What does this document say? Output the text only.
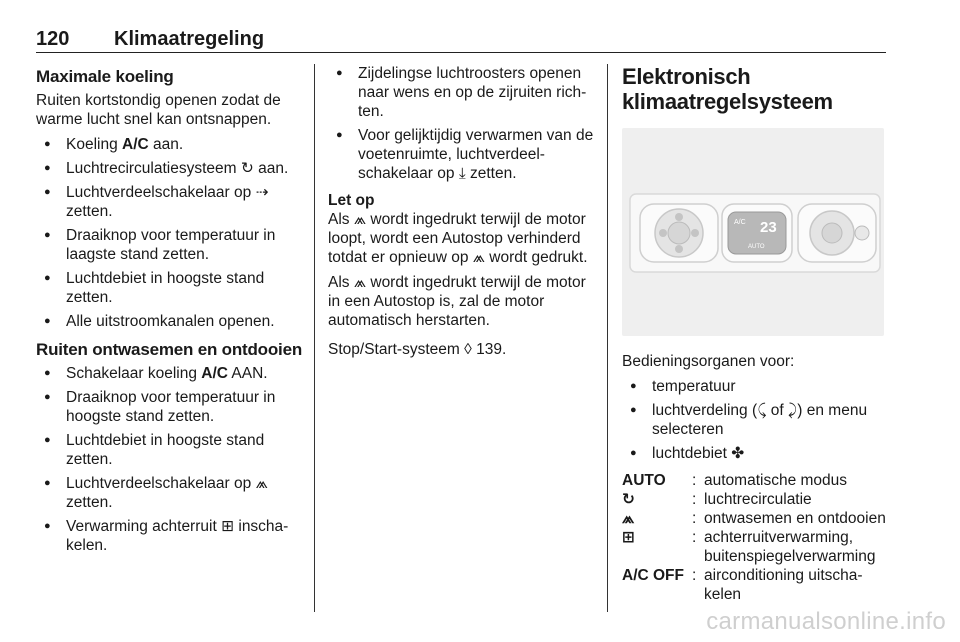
120 Klimaatregeling
Maximale koeling

Ruiten kortstondig openen zodat de warme lucht snel kan ontsnappen.

● Koeling A/C aan.
● Luchtrecirculatiesysteem ↻ aan.
● Luchtverdeelschakelaar op ⇢ zetten.
● Draaiknop voor temperatuur in laagste stand zetten.
● Luchtdebiet in hoogste stand zetten.
● Alle uitstroomkanalen openen.
Ruiten ontwasemen en ontdooien
● Schakelaar koeling A/C AAN.
● Draaiknop voor temperatuur in hoogste stand zetten.
● Luchtdebiet in hoogste stand zetten.
● Luchtverdeelschakelaar op ⩕ zetten.
● Verwarming achterruit ⊞ inscha-kelen.
● Zijdelingse luchtroosters openen naar wens en op de zijruiten rich-ten.
● Voor gelijktijdig verwarmen van de voetenruimte, luchtverdeel-schakelaar op ⤓ zetten.

Let op

Als ⩕ wordt ingedrukt terwijl de motor loopt, wordt een Autostop verhinderd totdat er opnieuw op ⩕ wordt gedrukt.

Als ⩕ wordt ingedrukt terwijl de motor in een Autostop is, zal de motor automatisch herstarten.

Stop/Start-systeem ◊ 139.

Elektronisch klimaatregelsysteem
A/C 23
AUTO

Bedieningsorganen voor:

● temperatuur
● luchtverdeling (⤹ of ⤸) en menu selecteren
● luchtdebiet ✤
AUTO	: automatische modus
↻	: luchtrecirculatie
⩕	: ontwasemen en ontdooien
⊞	: achterruitverwarming, buitenspiegelverwarming
A/C OFF : airconditioning uitscha-kelen
carmanualsonline.info
